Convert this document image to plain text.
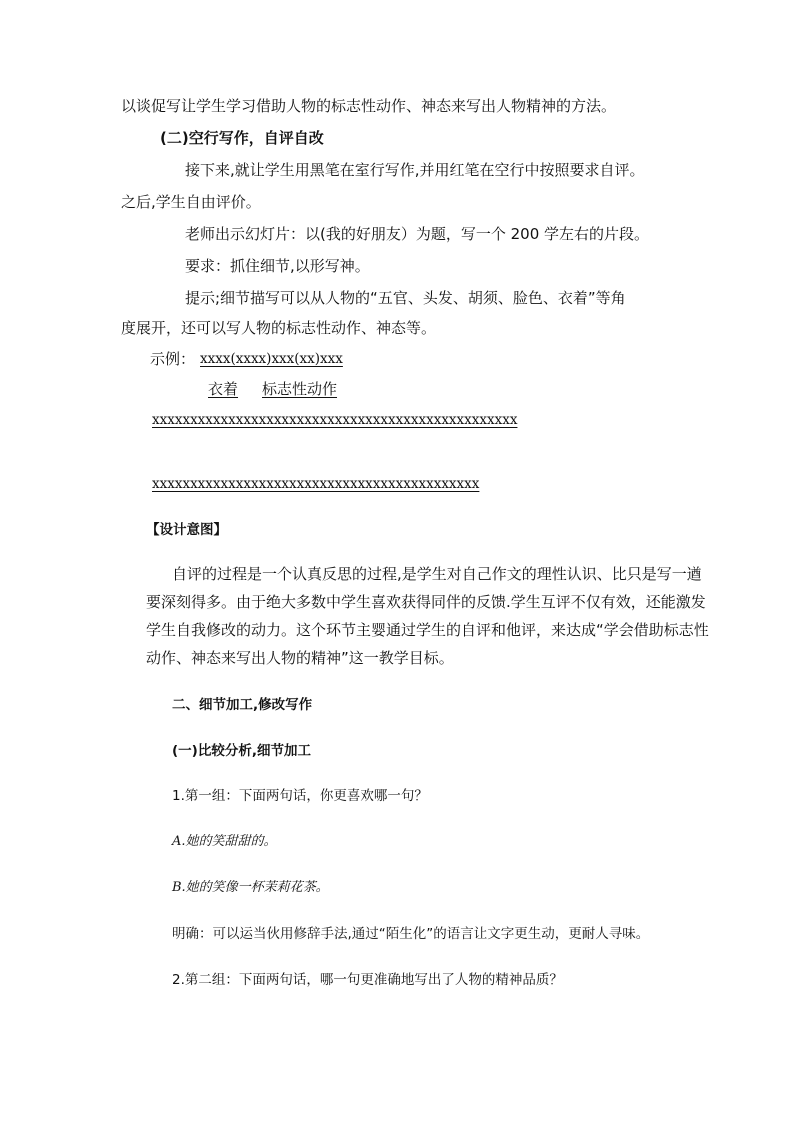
以谈促写让学生学习借助人物的标志性动作、神态来写出人物精神的方法。
(二)空行写作，自评自改
接下来,就让学生用黑笔在室行写作,并用红笔在空行中按照要求自评。
之后,学生自由评价。
老师出示幻灯片：以(我的好朋友）为题，写一个 200 学左右的片段。
要求：抓住细节,以形写神。
提示;细节描写可以从人物的“五官、头发、胡须、脸色、衣着”等角
度展开，还可以写人物的标志性动作、神态等。
示例： xxxx(xxxx)xxx(xx)xxx
衣着 标志性动作
xxxxxxxxxxxxxxxxxxxxxxxxxxxxxxxxxxxxxxxxxxxxxxxx
xxxxxxxxxxxxxxxxxxxxxxxxxxxxxxxxxxxxxxxxxxx
【设计意图】
自评的过程是一个认真反思的过程,是学生对自己作文的理性认识、比只是写一遒
要深刻得多。由于绝大多数中学生喜欢获得同伴的反馈.学生互评不仅有效，还能激发
学生自我修改的动力。这个环节主婴通过学生的自评和他评，来达成“学会借助标志性
动作、神态来写出人物的精神”这一教学目标。
二、细节加工,修改写作
(一)比较分析,细节加工
1.第一组：下面两句话，你更喜欢哪一句？
A.她的笑甜甜的。
B.她的笑像一杯茉莉花茶。
明确：可以运当伙用修辞手法,通过“陌生化”的语言让文字更生动，更耐人寻味。
2.第二组：下面两句话，哪一句更准确地写出了人物的精神品质？
